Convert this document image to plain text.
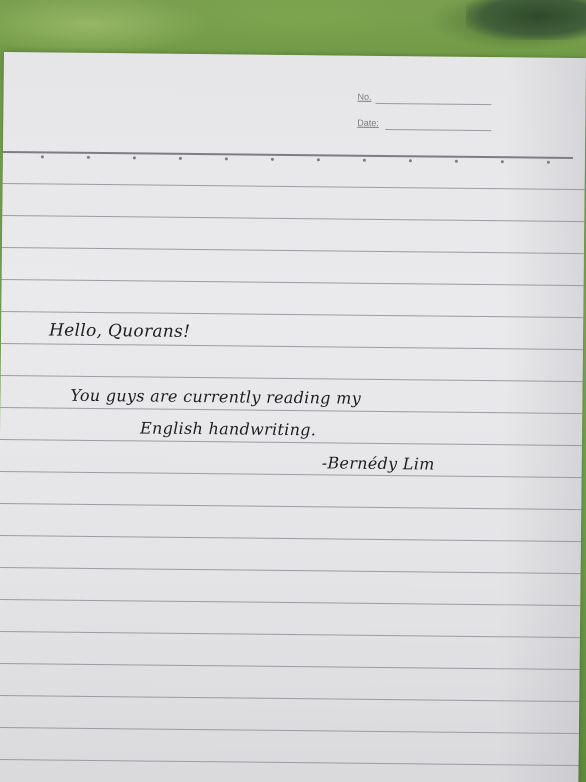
No.
Date:
Hello, Quorans!
You guys are currently reading my
English handwriting.
-Bernédy Lim
